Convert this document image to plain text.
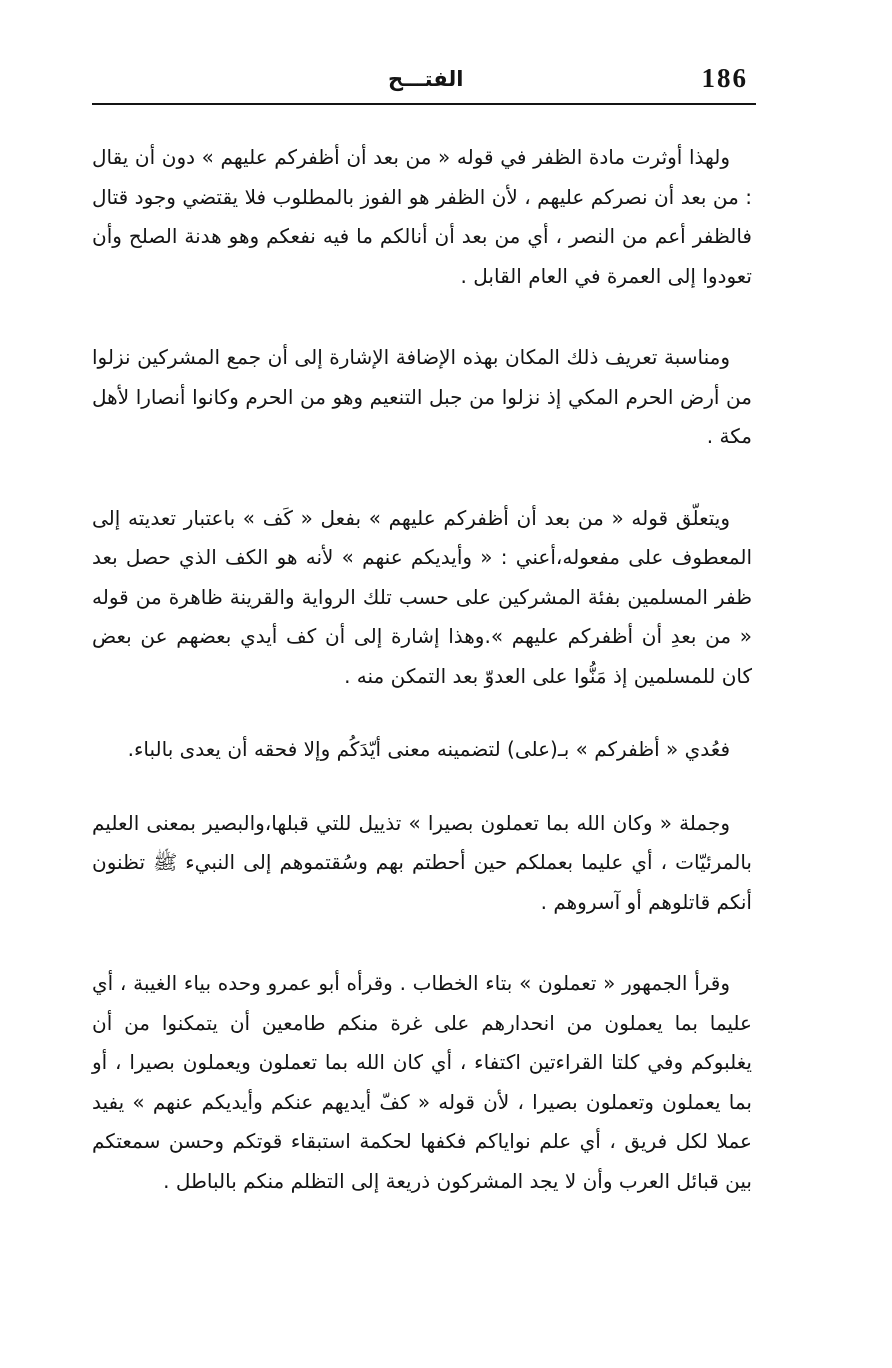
186
الفتـــح

ولهذا أوثرت مادة الظفر في قوله « من بعد أن أظفركم عليهم » دون أن يقال : من بعد أن نصركم عليهم ، لأن الظفر هو الفوز بالمطلوب فلا يقتضي وجود قتال فالظفر أعم من النصر ، أي من بعد أن أنالكم ما فيه نفعكم وهو هدنة الصلح وأن تعودوا إلى العمرة في العام القابل .

ومناسبة تعريف ذلك المكان بهذه الإضافة الإشارة إلى أن جمع المشركين نزلوا من أرض الحرم المكي إذ نزلوا من جبل التنعيم وهو من الحرم وكانوا أنصارا لأهل مكة .

ويتعلّق قوله « من بعد أن أظفركم عليهم » بفعل « كَف » باعتبار تعديته إلى المعطوف على مفعوله،أعني : « وأيديكم عنهم » لأنه هو الكف الذي حصل بعد ظفر المسلمين بفئة المشركين على حسب تلك الرواية والقرينة ظاهرة من قوله « من بعدِ أن أظفركم عليهم ».وهذا إشارة إلى أن كف أيدي بعضهم عن بعض كان للمسلمين إذ مَنُّوا على العدوّ بعد التمكن منه .

فعُدي « أظفركم » بـ(على) لتضمينه معنى أيّدَكُم وإلا فحقه أن يعدى بالباء.

وجملة « وكان الله بما تعملون بصيرا » تذييل للتي قبلها،والبصير بمعنى العليم بالمرئيّات ، أي عليما بعملكم حين أحطتم بهم وسُقتموهم إلى النبيء ﷺ تظنون أنكم قاتلوهم أو آسروهم .

وقرأ الجمهور « تعملون » بتاء الخطاب . وقرأه أبو عمرو وحده بياء الغيبة ، أي عليما بما يعملون من انحدارهم على غرة منكم طامعين أن يتمكنوا من أن يغلبوكم وفي كلتا القراءتين اكتفاء ، أي كان الله بما تعملون ويعملون بصيرا ، أو بما يعملون وتعملون بصيرا ، لأن قوله « كفّ أيديهم عنكم وأيديكم عنهم » يفيد عملا لكل فريق ، أي علم نواياكم فكفها لحكمة استبقاء قوتكم وحسن سمعتكم بين قبائل العرب وأن لا يجد المشركون ذريعة إلى التظلم منكم بالباطل .
